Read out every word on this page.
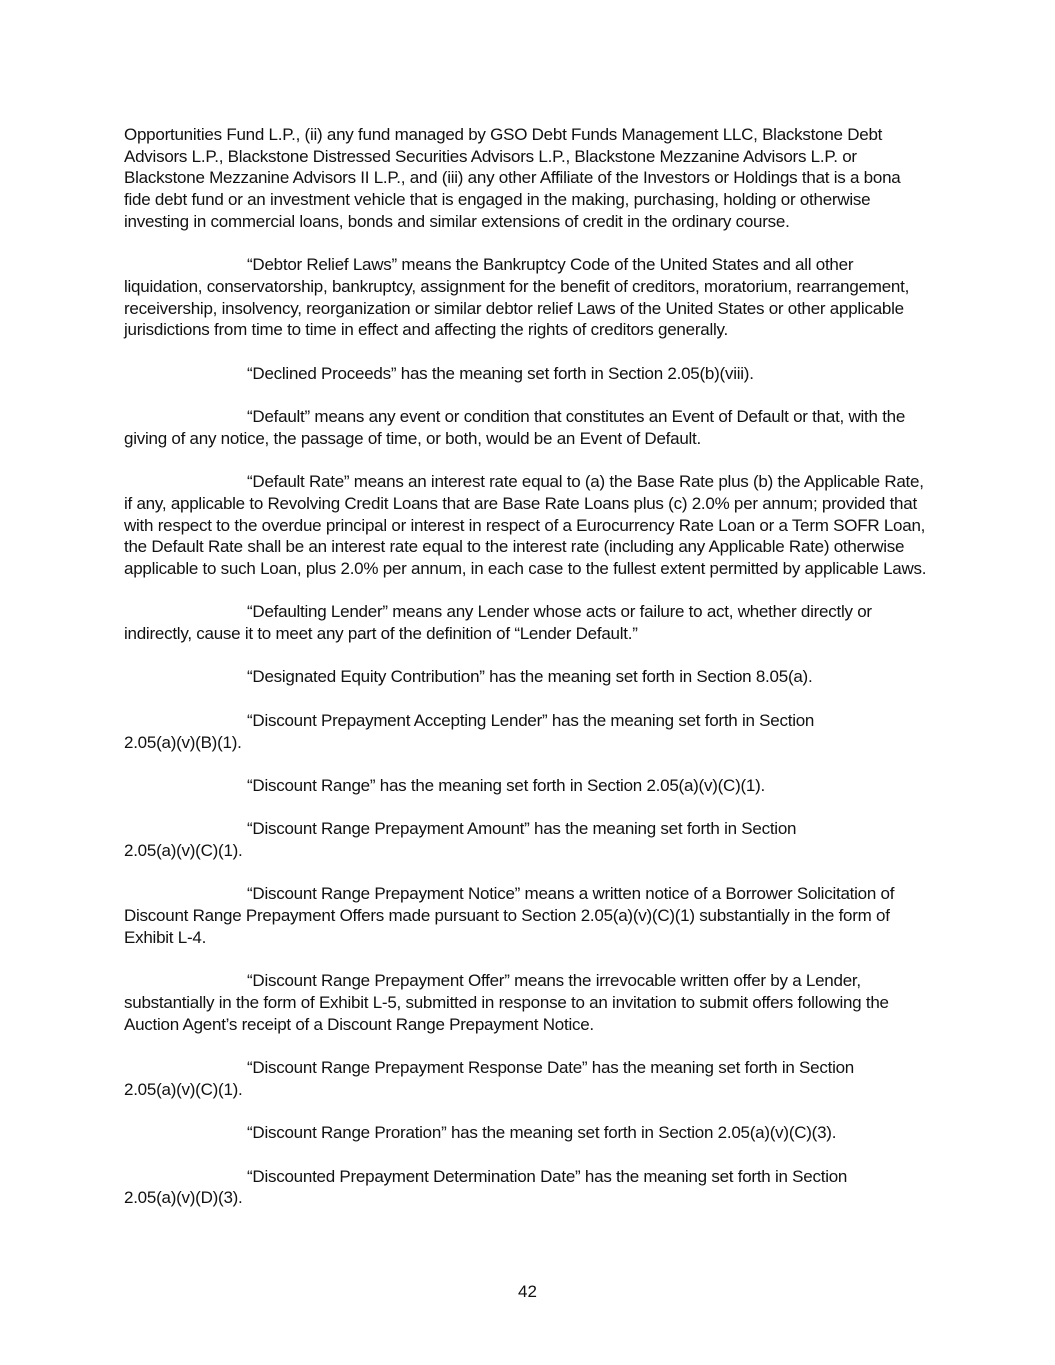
Opportunities Fund L.P., (ii) any fund managed by GSO Debt Funds Management LLC, Blackstone Debt Advisors L.P., Blackstone Distressed Securities Advisors L.P., Blackstone Mezzanine Advisors L.P. or Blackstone Mezzanine Advisors II L.P., and (iii) any other Affiliate of the Investors or Holdings that is a bona fide debt fund or an investment vehicle that is engaged in the making, purchasing, holding or otherwise investing in commercial loans, bonds and similar extensions of credit in the ordinary course.

“Debtor Relief Laws” means the Bankruptcy Code of the United States and all other liquidation, conservatorship, bankruptcy, assignment for the benefit of creditors, moratorium, rearrangement, receivership, insolvency, reorganization or similar debtor relief Laws of the United States or other applicable jurisdictions from time to time in effect and affecting the rights of creditors generally.

“Declined Proceeds” has the meaning set forth in Section 2.05(b)(viii).

“Default” means any event or condition that constitutes an Event of Default or that, with the giving of any notice, the passage of time, or both, would be an Event of Default.

“Default Rate” means an interest rate equal to (a) the Base Rate plus (b) the Applicable Rate, if any, applicable to Revolving Credit Loans that are Base Rate Loans plus (c) 2.0% per annum; provided that with respect to the overdue principal or interest in respect of a Eurocurrency Rate Loan or a Term SOFR Loan, the Default Rate shall be an interest rate equal to the interest rate (including any Applicable Rate) otherwise applicable to such Loan, plus 2.0% per annum, in each case to the fullest extent permitted by applicable Laws.

“Defaulting Lender” means any Lender whose acts or failure to act, whether directly or indirectly, cause it to meet any part of the definition of “Lender Default.”

“Designated Equity Contribution” has the meaning set forth in Section 8.05(a).

“Discount Prepayment Accepting Lender” has the meaning set forth in Section
2.05(a)(v)(B)(1).

“Discount Range” has the meaning set forth in Section 2.05(a)(v)(C)(1).

“Discount Range Prepayment Amount” has the meaning set forth in Section
2.05(a)(v)(C)(1).

“Discount Range Prepayment Notice” means a written notice of a Borrower Solicitation of Discount Range Prepayment Offers made pursuant to Section 2.05(a)(v)(C)(1) substantially in the form of Exhibit L-4.

“Discount Range Prepayment Offer” means the irrevocable written offer by a Lender, substantially in the form of Exhibit L-5, submitted in response to an invitation to submit offers following the Auction Agent’s receipt of a Discount Range Prepayment Notice.

“Discount Range Prepayment Response Date” has the meaning set forth in Section
2.05(a)(v)(C)(1).

“Discount Range Proration” has the meaning set forth in Section 2.05(a)(v)(C)(3).

“Discounted Prepayment Determination Date” has the meaning set forth in Section
2.05(a)(v)(D)(3).

42
